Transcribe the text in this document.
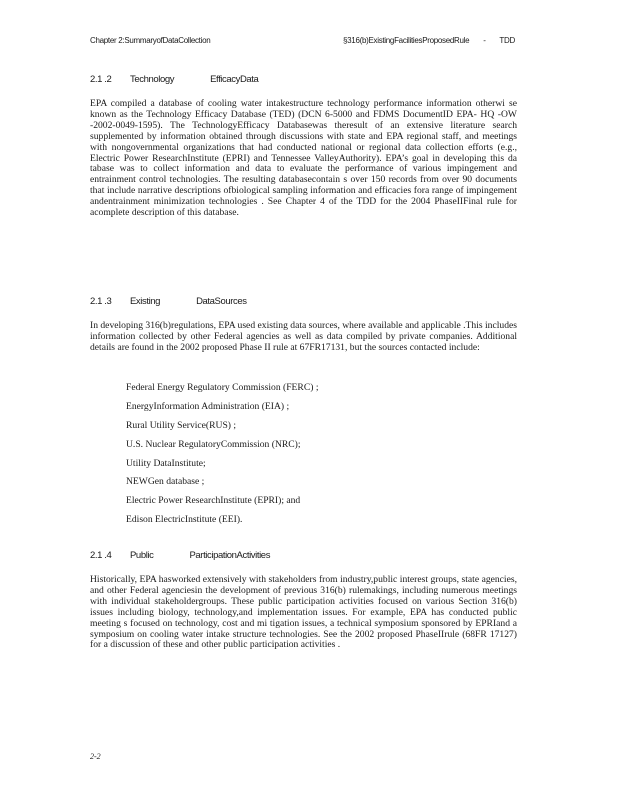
Chapter 2:SummaryofDataCollection	§316(b)ExistingFacilitiesProposedRule - TDD
2.1 .2 Technology	EfficacyData

EPA compiled a database of cooling water intakestructure technology performance information otherwi se known as the Technology Efficacy Database (TED) (DCN 6-5000 and FDMS DocumentID EPA- HQ -OW -2002-0049-1595). The TechnologyEfficacy Databasewas theresult of an extensive literature search supplemented by information obtained through discussions with state and EPA regional staff, and meetings with nongovernmental organizations that had conducted national or regional data collection efforts (e.g., Electric Power ResearchInstitute (EPRI) and Tennessee ValleyAuthority). EPA’s goal in developing this da tabase was to collect information and data to evaluate the performance of various impingement and entrainment control technologies. The resulting databasecontain s over 150 records from over 90 documents that include narrative descriptions ofbiological sampling information and efficacies fora range of impingement andentrainment minimization technologies . See Chapter 4 of the TDD for the 2004 PhaseIIFinal rule for acomplete description of this database.

2.1 .3 Existing	DataSources

In developing 316(b)regulations, EPA used existing data sources, where available and applicable .This includes information collected by other Federal agencies as well as data compiled by private companies. Additional details are found in the 2002 proposed Phase II rule at 67FR17131, but the sources contacted include:

Federal Energy Regulatory Commission (FERC) ;
EnergyInformation Administration (EIA) ;
Rural Utility Service(RUS) ;
U.S. Nuclear RegulatoryCommission (NRC);
Utility DataInstitute;
NEWGen database ;
Electric Power ResearchInstitute (EPRI); and
Edison ElectricInstitute (EEI).
2.1 .4 Public	ParticipationActivities

Historically, EPA hasworked extensively with stakeholders from industry,public interest groups, state agencies, and other Federal agenciesin the development of previous 316(b) rulemakings, including numerous meetings with individual stakeholdergroups. These public participation activities focused on various Section 316(b) issues including biology, technology,and implementation issues. For example, EPA has conducted public meeting s focused on technology, cost and mi tigation issues, a technical symposium sponsored by EPRIand a symposium on cooling water intake structure technologies. See the 2002 proposed PhaseIIrule (68FR 17127) for a discussion of these and other public participation activities .

2-2
